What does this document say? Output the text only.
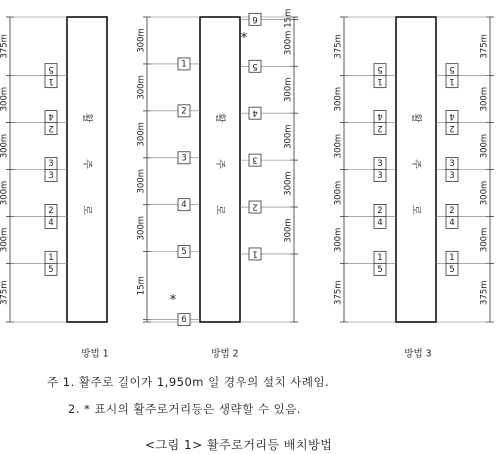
활
주
로
활
주
로
활
주
로
375m
300m
300m
300m
300m
375m
5
1
4
2
3
3
2
4
1
5
300m
300m
300m
300m
300m
15m
1
2
3
4
5
6
15m
300m
300m
300m
300m
300m
6
5
4
3
2
1
*
*
375m
300m
300m
300m
300m
375m
5
1
4
2
3
3
2
4
1
5
375m
300m
300m
300m
300m
375m
5
1
4
2
3
3
2
4
1
5
주 1. 활주로 길이가 1,950m 일 경우의 설치 사례임.
2. * 표시의 활주로거리등은 생략할 수 있음.
<그림 1> 활주로거리등 배치방법
방법 1	방법 2	방법 3
